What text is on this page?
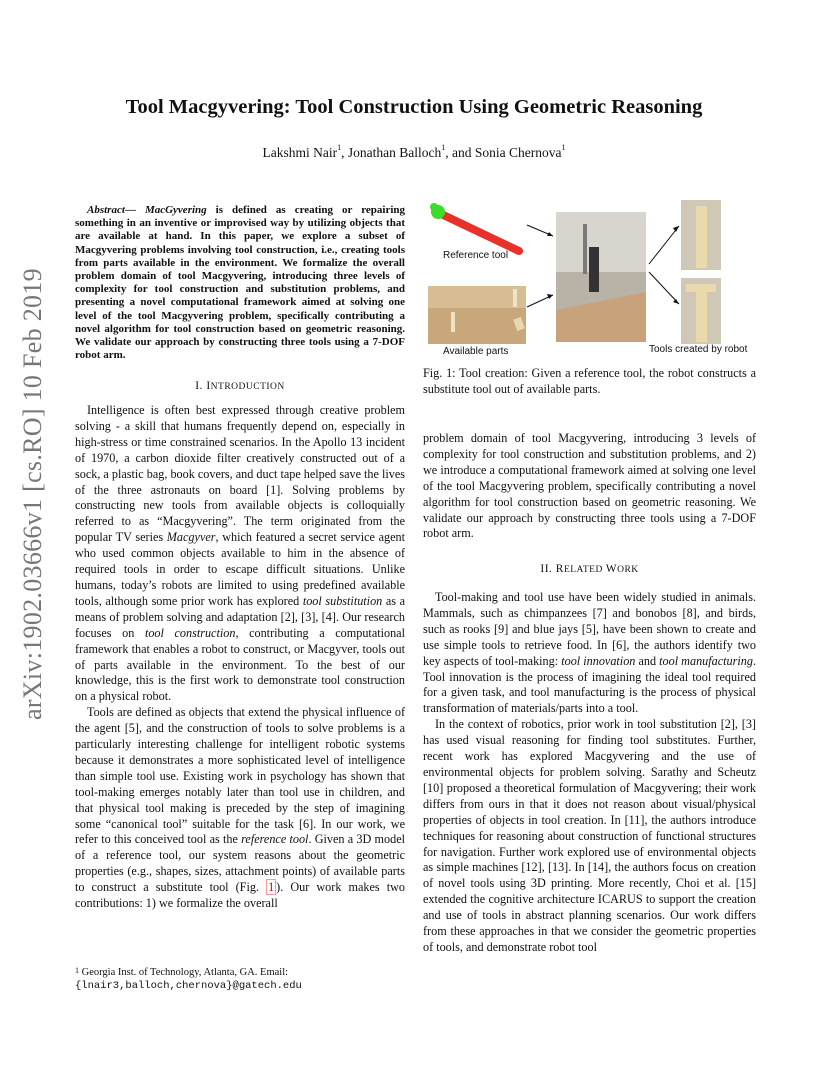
arXiv:1902.03666v1 [cs.RO] 10 Feb 2019
Tool Macgyvering: Tool Construction Using Geometric Reasoning
Lakshmi Nair$^1$, Jonathan Balloch$^1$, and Sonia Chernova$^1$
Abstract— MacGyvering is defined as creating or repairing something in an inventive or improvised way by utilizing objects that are available at hand. In this paper, we explore a subset of Macgyvering problems involving tool construction, i.e., creating tools from parts available in the environment. We formalize the overall problem domain of tool Macgyvering, introducing three levels of complexity for tool construction and substitution problems, and presenting a novel computational framework aimed at solving one level of the tool Macgyvering problem, specifically contributing a novel algorithm for tool construction based on geometric reasoning. We validate our approach by constructing three tools using a 7-DOF robot arm.
I. INTRODUCTION

Intelligence is often best expressed through creative problem solving - a skill that humans frequently depend on, especially in high-stress or time constrained scenarios. In the Apollo 13 incident of 1970, a carbon dioxide filter creatively constructed out of a sock, a plastic bag, book covers, and duct tape helped save the lives of the three astronauts on board [1]. Solving problems by constructing new tools from available objects is colloquially referred to as “Macgyvering”. The term originated from the popular TV series Macgyver, which featured a secret service agent who used common objects available to him in the absence of required tools in order to escape difficult situations. Unlike humans, today’s robots are limited to using predefined available tools, although some prior work has explored tool substitution as a means of problem solving and adaptation [2], [3], [4]. Our research focuses on tool construction, contributing a computational framework that enables a robot to construct, or Macgyver, tools out of parts available in the environment. To the best of our knowledge, this is the first work to demonstrate tool construction on a physical robot.

Tools are defined as objects that extend the physical influence of the agent [5], and the construction of tools to solve problems is a particularly interesting challenge for intelligent robotic systems because it demonstrates a more sophisticated level of intelligence than simple tool use. Existing work in psychology has shown that tool-making emerges notably later than tool use in children, and that physical tool making is preceded by the step of imagining some “canonical tool” suitable for the task [6]. In our work, we refer to this conceived tool as the reference tool. Given a 3D model of a reference tool, our system reasons about the geometric properties (e.g., shapes, sizes, attachment points) of available parts to construct a substitute tool (Fig. 1 ). Our work makes two contributions: 1) we formalize the overall

$^1$ Georgia Inst. of Technology, Atlanta, GA. Email:
{lnair3,balloch,chernova}@gatech.edu
Reference tool
Available parts	Tools created by robot
Fig. 1: Tool creation: Given a reference tool, the robot constructs a substitute tool out of available parts.
problem domain of tool Macgyvering, introducing 3 levels of complexity for tool construction and substitution problems, and 2) we introduce a computational framework aimed at solving one level of the tool Macgyvering problem, specifically contributing a novel algorithm for tool construction based on geometric reasoning. We validate our approach by constructing three tools using a 7-DOF robot arm.
II. RELATED WORK

Tool-making and tool use have been widely studied in animals. Mammals, such as chimpanzees [7] and bonobos [8], and birds, such as rooks [9] and blue jays [5], have been shown to create and use simple tools to retrieve food. In [6], the authors identify two key aspects of tool-making: tool innovation and tool manufacturing. Tool innovation is the process of imagining the ideal tool required for a given task, and tool manufacturing is the process of physical transformation of materials/parts into a tool.

In the context of robotics, prior work in tool substitution [2], [3] has used visual reasoning for finding tool substitutes. Further, recent work has explored Macgyvering and the use of environmental objects for problem solving. Sarathy and Scheutz [10] proposed a theoretical formulation of Macgyvering; their work differs from ours in that it does not reason about visual/physical properties of objects in tool creation. In [11], the authors introduce techniques for reasoning about construction of functional structures for navigation. Further work explored use of environmental objects as simple machines [12], [13]. In [14], the authors focus on creation of novel tools using 3D printing. More recently, Choi et al. [15] extended the cognitive architecture ICARUS to support the creation and use of tools in abstract planning scenarios. Our work differs from these approaches in that we consider the geometric properties of tools, and demonstrate robot tool
